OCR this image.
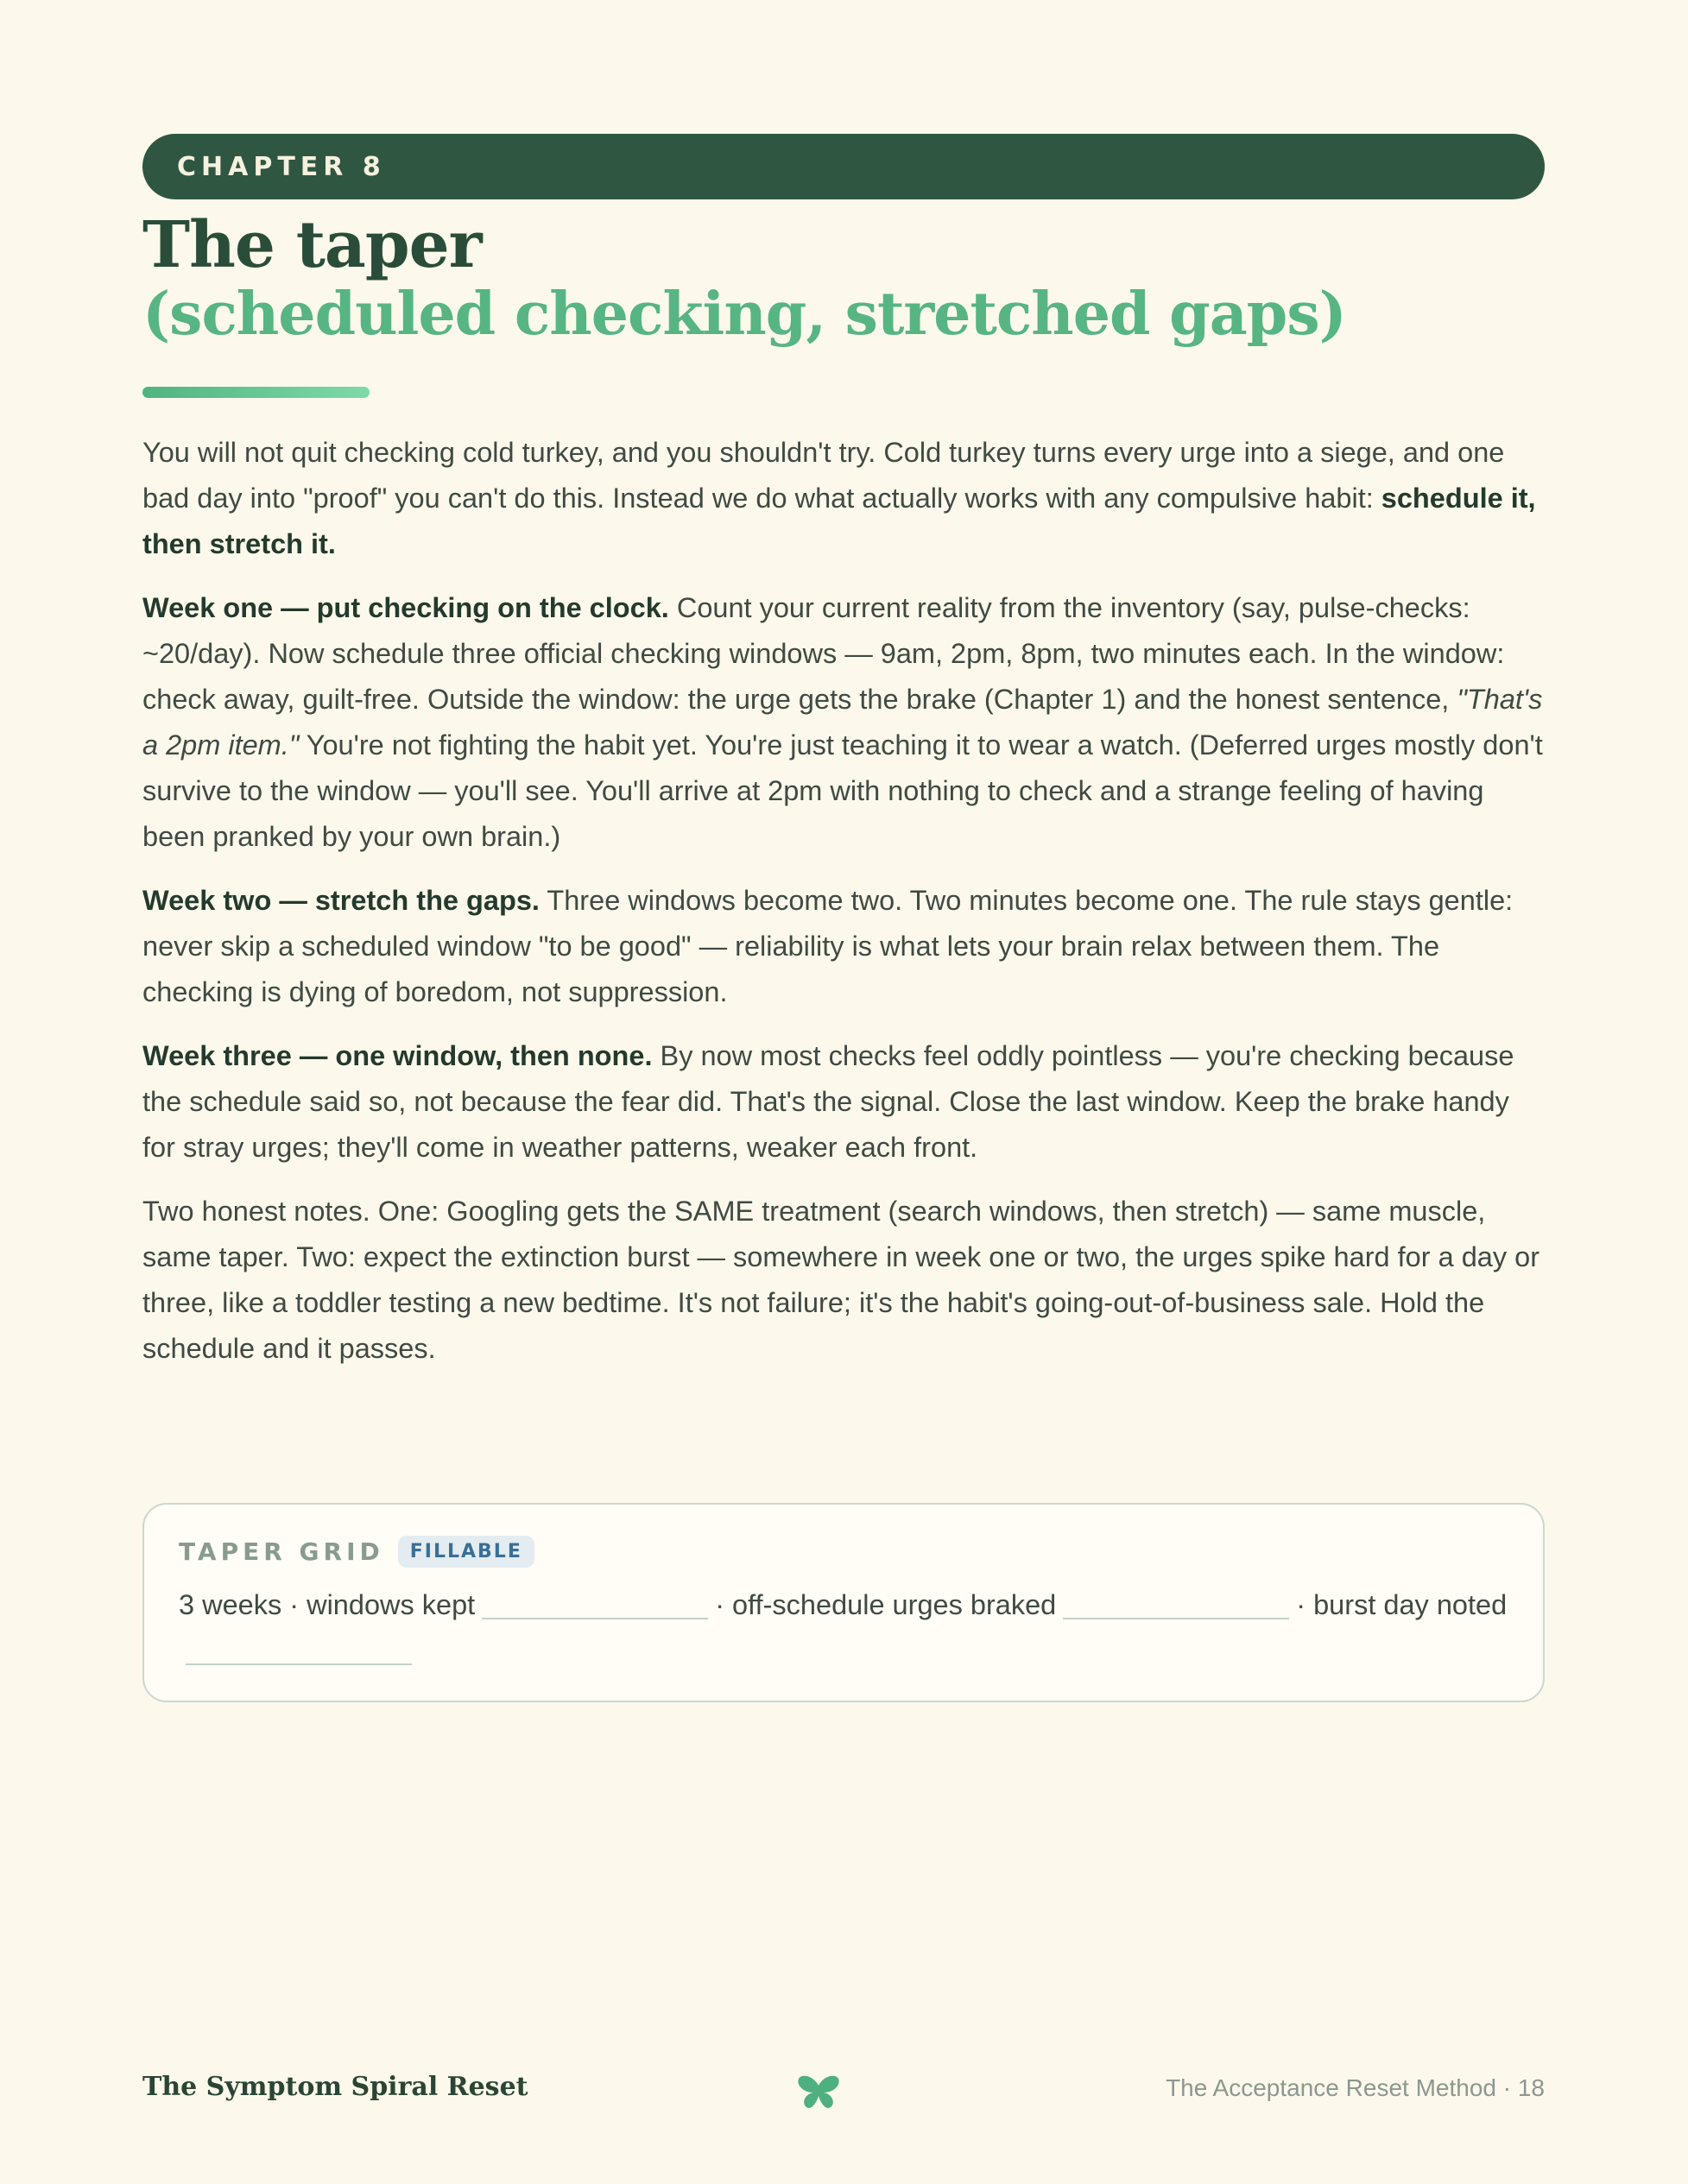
CHAPTER 8
The taper
(scheduled checking, stretched gaps)

You will not quit checking cold turkey, and you shouldn't try. Cold turkey turns every urge into a siege, and one bad day into "proof" you can't do this. Instead we do what actually works with any compulsive habit: schedule it, then stretch it.

Week one — put checking on the clock. Count your current reality from the inventory (say, pulse-checks: ~20/day). Now schedule three official checking windows — 9am, 2pm, 8pm, two minutes each. In the window: check away, guilt-free. Outside the window: the urge gets the brake (Chapter 1) and the honest sentence, "That's a 2pm item." You're not fighting the habit yet. You're just teaching it to wear a watch. (Deferred urges mostly don't survive to the window — you'll see. You'll arrive at 2pm with nothing to check and a strange feeling of having been pranked by your own brain.)

Week two — stretch the gaps. Three windows become two. Two minutes become one. The rule stays gentle: never skip a scheduled window "to be good" — reliability is what lets your brain relax between them. The checking is dying of boredom, not suppression.

Week three — one window, then none. By now most checks feel oddly pointless — you're checking because the schedule said so, not because the fear did. That's the signal. Close the last window. Keep the brake handy for stray urges; they'll come in weather patterns, weaker each front.

Two honest notes. One: Googling gets the SAME treatment (search windows, then stretch) — same muscle, same taper. Two: expect the extinction burst — somewhere in week one or two, the urges spike hard for a day or three, like a toddler testing a new bedtime. It's not failure; it's the habit's going-out-of-business sale. Hold the schedule and it passes.

TAPER GRID	FILLABLE
3 weeks · windows kept	· off-schedule urges braked	· burst day noted
The Symptom Spiral Reset	The Acceptance Reset Method · 18
